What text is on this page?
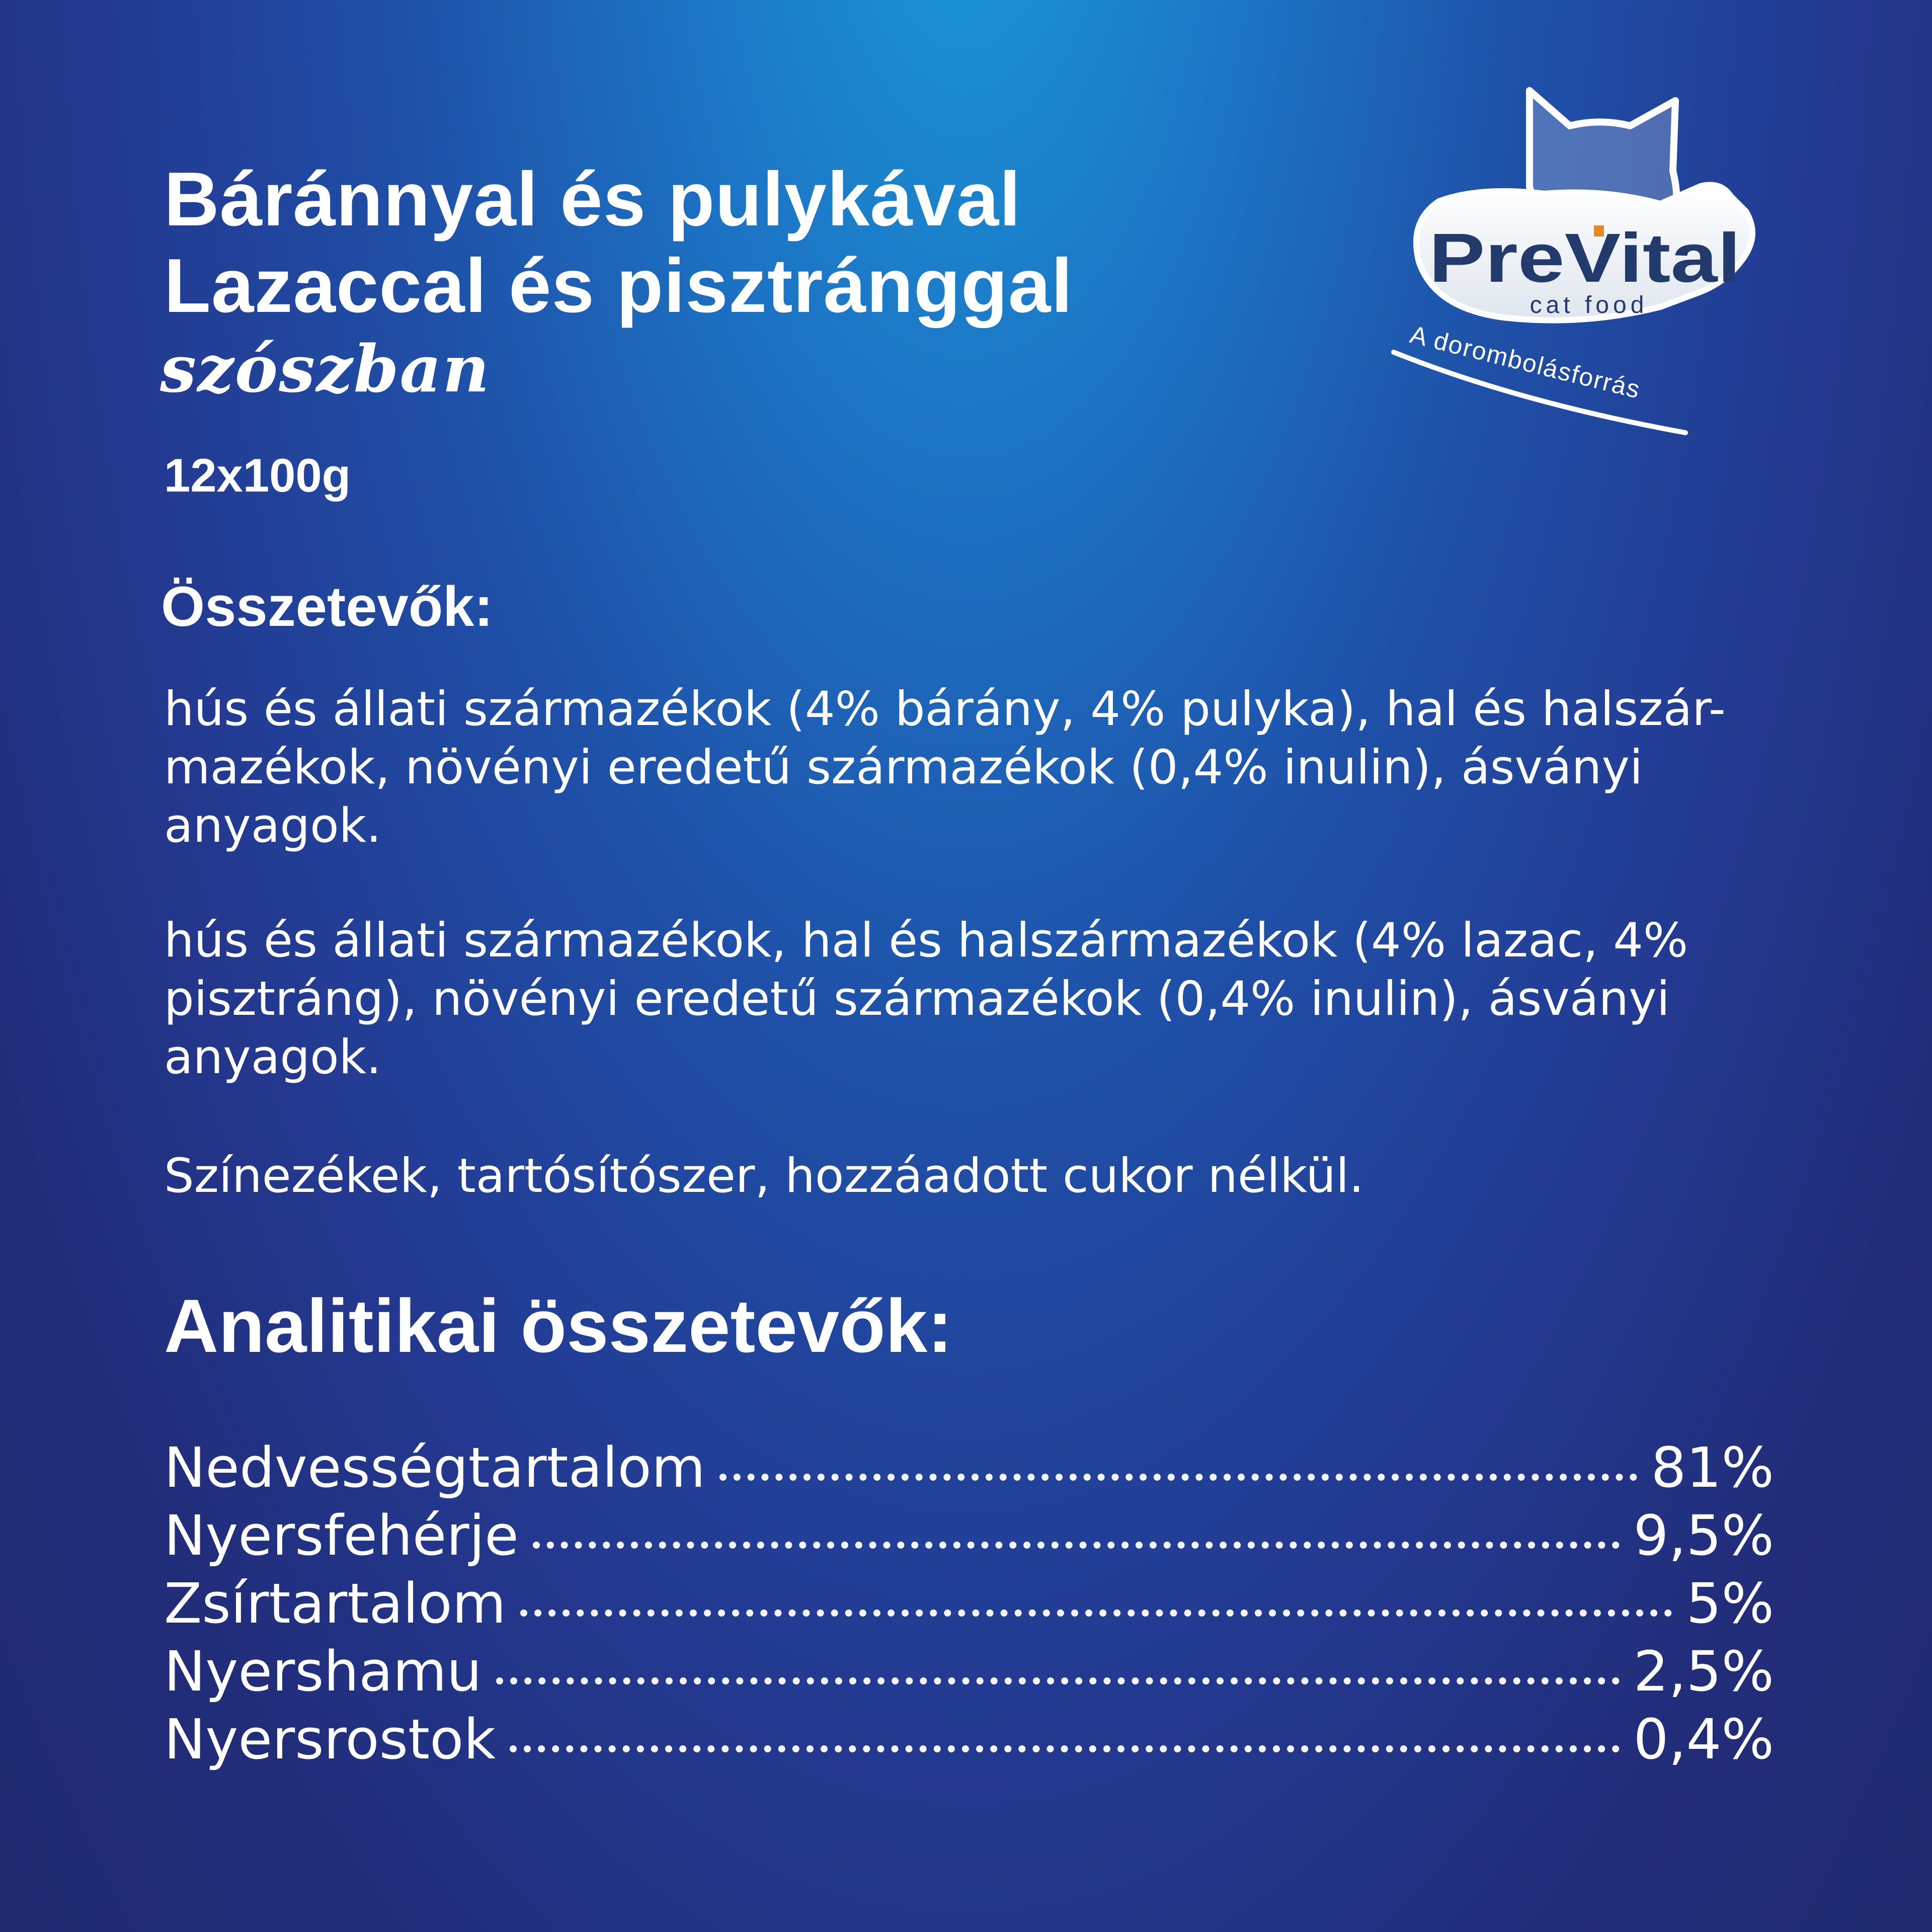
Báránnyal és pulykával
Lazaccal és pisztránggal
szószban
12x100g
Összetevők:
hús és állati származékok (4% bárány, 4% pulyka), hal és halszár-mazékok, növényi eredetű származékok (0,4% inulin), ásványi anyagok.
hús és állati származékok, hal és halszármazékok (4% lazac, 4% pisztráng), növényi eredetű származékok (0,4% inulin), ásványi anyagok.
Színezékek, tartósítószer, hozzáadott cukor nélkül.
Analitikai összetevők:
Nedvességtartalom	81%
Nyersfehérje	9,5%
Zsírtartalom	5%
Nyershamu	2,5%
Nyersrostok	0,4%
Pre Vital
cat food
A dorombolásforrás
